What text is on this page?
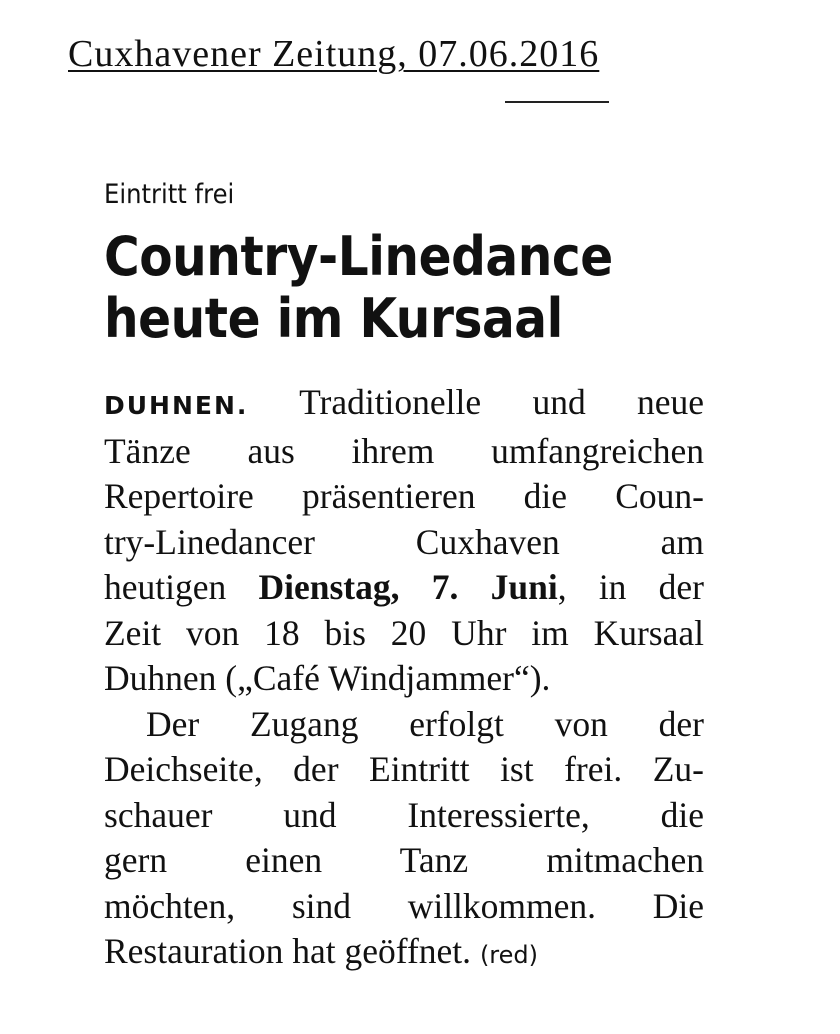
Cuxhavener Zeitung, 07.06.2016
Eintritt frei
Country-Linedance
heute im Kursaal
DUHNEN. Traditionelle und neue
Tänze aus ihrem umfangreichen
Repertoire präsentieren die Coun-
try-Linedancer Cuxhaven am
heutigen Dienstag, 7. Juni, in der
Zeit von 18 bis 20 Uhr im Kursaal
Duhnen („Café Windjammer“).
Der Zugang erfolgt von der
Deichseite, der Eintritt ist frei. Zu-
schauer und Interessierte, die
gern einen Tanz mitmachen
möchten, sind willkommen. Die
Restauration hat geöffnet. (red)
